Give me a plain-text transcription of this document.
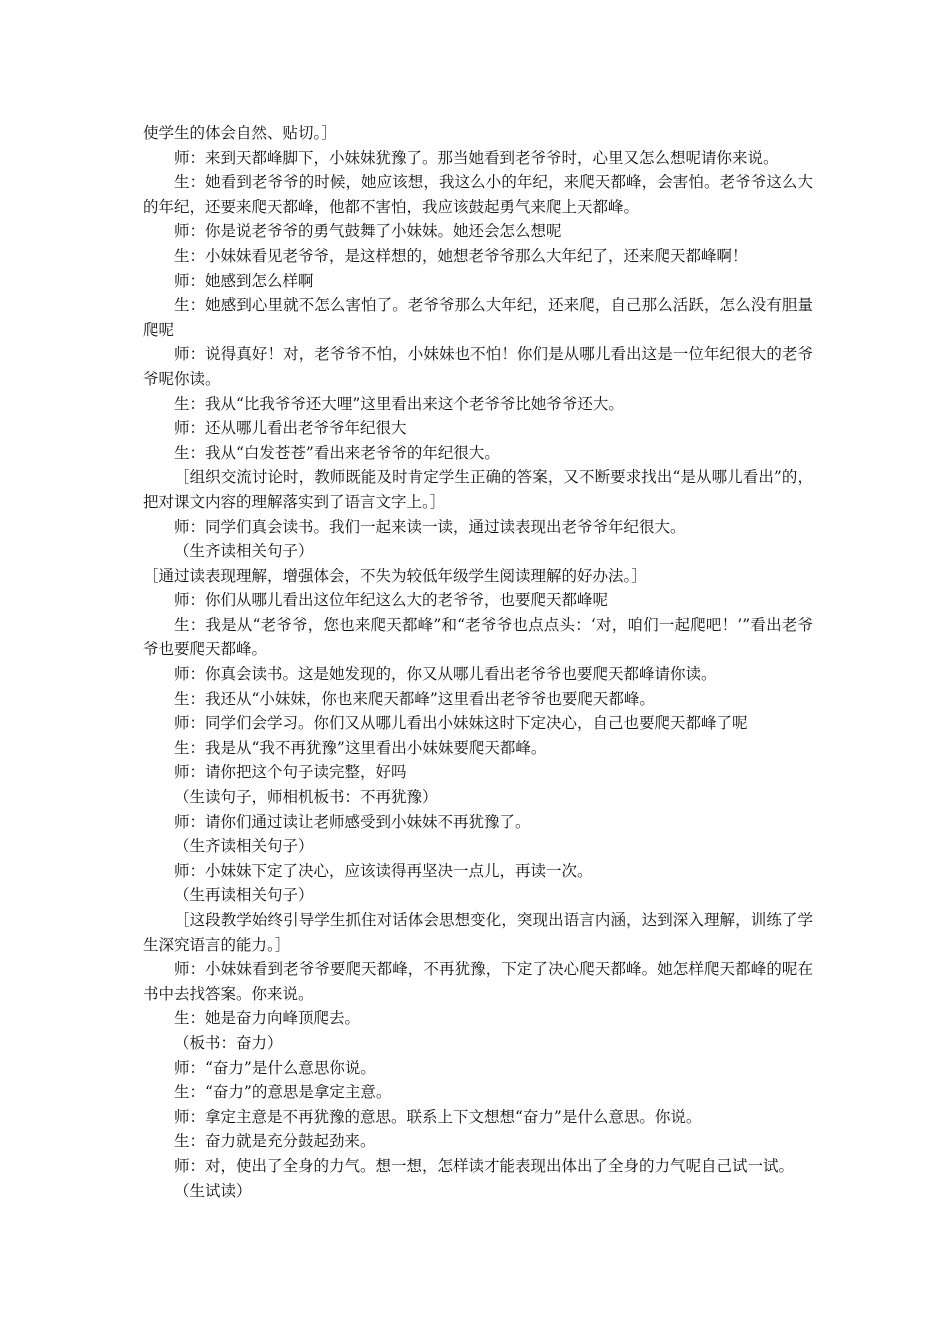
使学生的体会自然、贴切。］

师：来到天都峰脚下，小妹妹犹豫了。那当她看到老爷爷时，心里又怎么想呢请你来说。

生：她看到老爷爷的时候，她应该想，我这么小的年纪，来爬天都峰，会害怕。老爷爷这么大的年纪，还要来爬天都峰，他都不害怕，我应该鼓起勇气来爬上天都峰。

师：你是说老爷爷的勇气鼓舞了小妹妹。她还会怎么想呢

生：小妹妹看见老爷爷，是这样想的，她想老爷爷那么大年纪了，还来爬天都峰啊！

师：她感到怎么样啊

生：她感到心里就不怎么害怕了。老爷爷那么大年纪，还来爬，自己那么活跃，怎么没有胆量爬呢

师：说得真好！对，老爷爷不怕，小妹妹也不怕！你们是从哪儿看出这是一位年纪很大的老爷爷呢你读。

生：我从“比我爷爷还大哩”这里看出来这个老爷爷比她爷爷还大。

师：还从哪儿看出老爷爷年纪很大

生：我从“白发苍苍”看出来老爷爷的年纪很大。

［组织交流讨论时，教师既能及时肯定学生正确的答案，又不断要求找出“是从哪儿看出”的，把对课文内容的理解落实到了语言文字上。］

师：同学们真会读书。我们一起来读一读，通过读表现出老爷爷年纪很大。

（生齐读相关句子）

［通过读表现理解，增强体会，不失为较低年级学生阅读理解的好办法。］

师：你们从哪儿看出这位年纪这么大的老爷爷，也要爬天都峰呢

生：我是从“老爷爷，您也来爬天都峰”和“老爷爷也点点头：‘对，咱们一起爬吧！’”看出老爷爷也要爬天都峰。

师：你真会读书。这是她发现的，你又从哪儿看出老爷爷也要爬天都峰请你读。

生：我还从“小妹妹，你也来爬天都峰”这里看出老爷爷也要爬天都峰。

师：同学们会学习。你们又从哪儿看出小妹妹这时下定决心，自己也要爬天都峰了呢

生：我是从“我不再犹豫”这里看出小妹妹要爬天都峰。

师：请你把这个句子读完整，好吗

（生读句子，师相机板书：不再犹豫）

师：请你们通过读让老师感受到小妹妹不再犹豫了。

（生齐读相关句子）

师：小妹妹下定了决心，应该读得再坚决一点儿，再读一次。

（生再读相关句子）

［这段教学始终引导学生抓住对话体会思想变化，突现出语言内涵，达到深入理解，训练了学生深究语言的能力。］

师：小妹妹看到老爷爷要爬天都峰，不再犹豫，下定了决心爬天都峰。她怎样爬天都峰的呢在书中去找答案。你来说。

生：她是奋力向峰顶爬去。

（板书：奋力）

师：“奋力”是什么意思你说。

生：“奋力”的意思是拿定主意。

师：拿定主意是不再犹豫的意思。联系上下文想想“奋力”是什么意思。你说。

生：奋力就是充分鼓起劲来。

师：对，使出了全身的力气。想一想，怎样读才能表现出体出了全身的力气呢自己试一试。

（生试读）
